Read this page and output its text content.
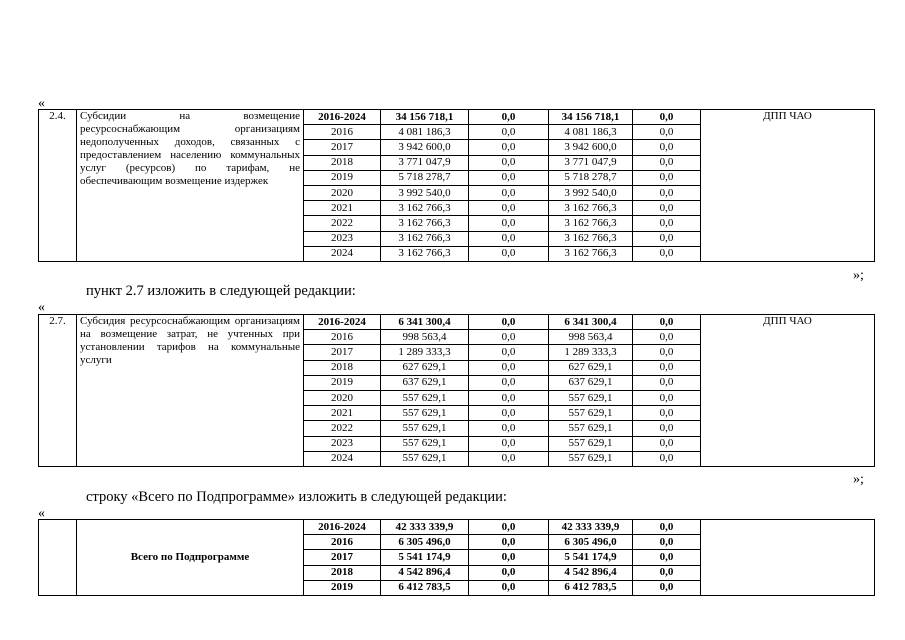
«
2.4.	Субсидии на возмещение ресурсоснабжающим организациям недополученных доходов, связанных с предоставлением населению коммунальных услуг (ресурсов) по тарифам, не обеспечивающим возмещение издержек	2016-2024	34 156 718,1	0,0	34 156 718,1	0,0	ДПП ЧАО
		2016	4 081 186,3	0,0	4 081 186,3	0,0	
		2017	3 942 600,0	0,0	3 942 600,0	0,0	
		2018	3 771 047,9	0,0	3 771 047,9	0,0	
		2019	5 718 278,7	0,0	5 718 278,7	0,0	
		2020	3 992 540,0	0,0	3 992 540,0	0,0	
		2021	3 162 766,3	0,0	3 162 766,3	0,0	
		2022	3 162 766,3	0,0	3 162 766,3	0,0	
		2023	3 162 766,3	0,0	3 162 766,3	0,0	
		2024	3 162 766,3	0,0	3 162 766,3	0,0	
»;
пункт 2.7 изложить в следующей редакции:
«
2.7.	Субсидия ресурсоснабжающим организациям на возмещение затрат, не учтенных при установлении тарифов на коммунальные услуги	2016-2024	6 341 300,4	0,0	6 341 300,4	0,0	ДПП ЧАО
		2016	998 563,4	0,0	998 563,4	0,0	
		2017	1 289 333,3	0,0	1 289 333,3	0,0	
		2018	627 629,1	0,0	627 629,1	0,0	
		2019	637 629,1	0,0	637 629,1	0,0	
		2020	557 629,1	0,0	557 629,1	0,0	
		2021	557 629,1	0,0	557 629,1	0,0	
		2022	557 629,1	0,0	557 629,1	0,0	
		2023	557 629,1	0,0	557 629,1	0,0	
		2024	557 629,1	0,0	557 629,1	0,0	
»;
строку «Всего по Подпрограмме» изложить в следующей редакции:
«
	Всего по Подпрограмме	2016-2024	42 333 339,9	0,0	42 333 339,9	0,0	
		2016	6 305 496,0	0,0	6 305 496,0	0,0	
		2017	5 541 174,9	0,0	5 541 174,9	0,0	
		2018	4 542 896,4	0,0	4 542 896,4	0,0	
		2019	6 412 783,5	0,0	6 412 783,5	0,0	
